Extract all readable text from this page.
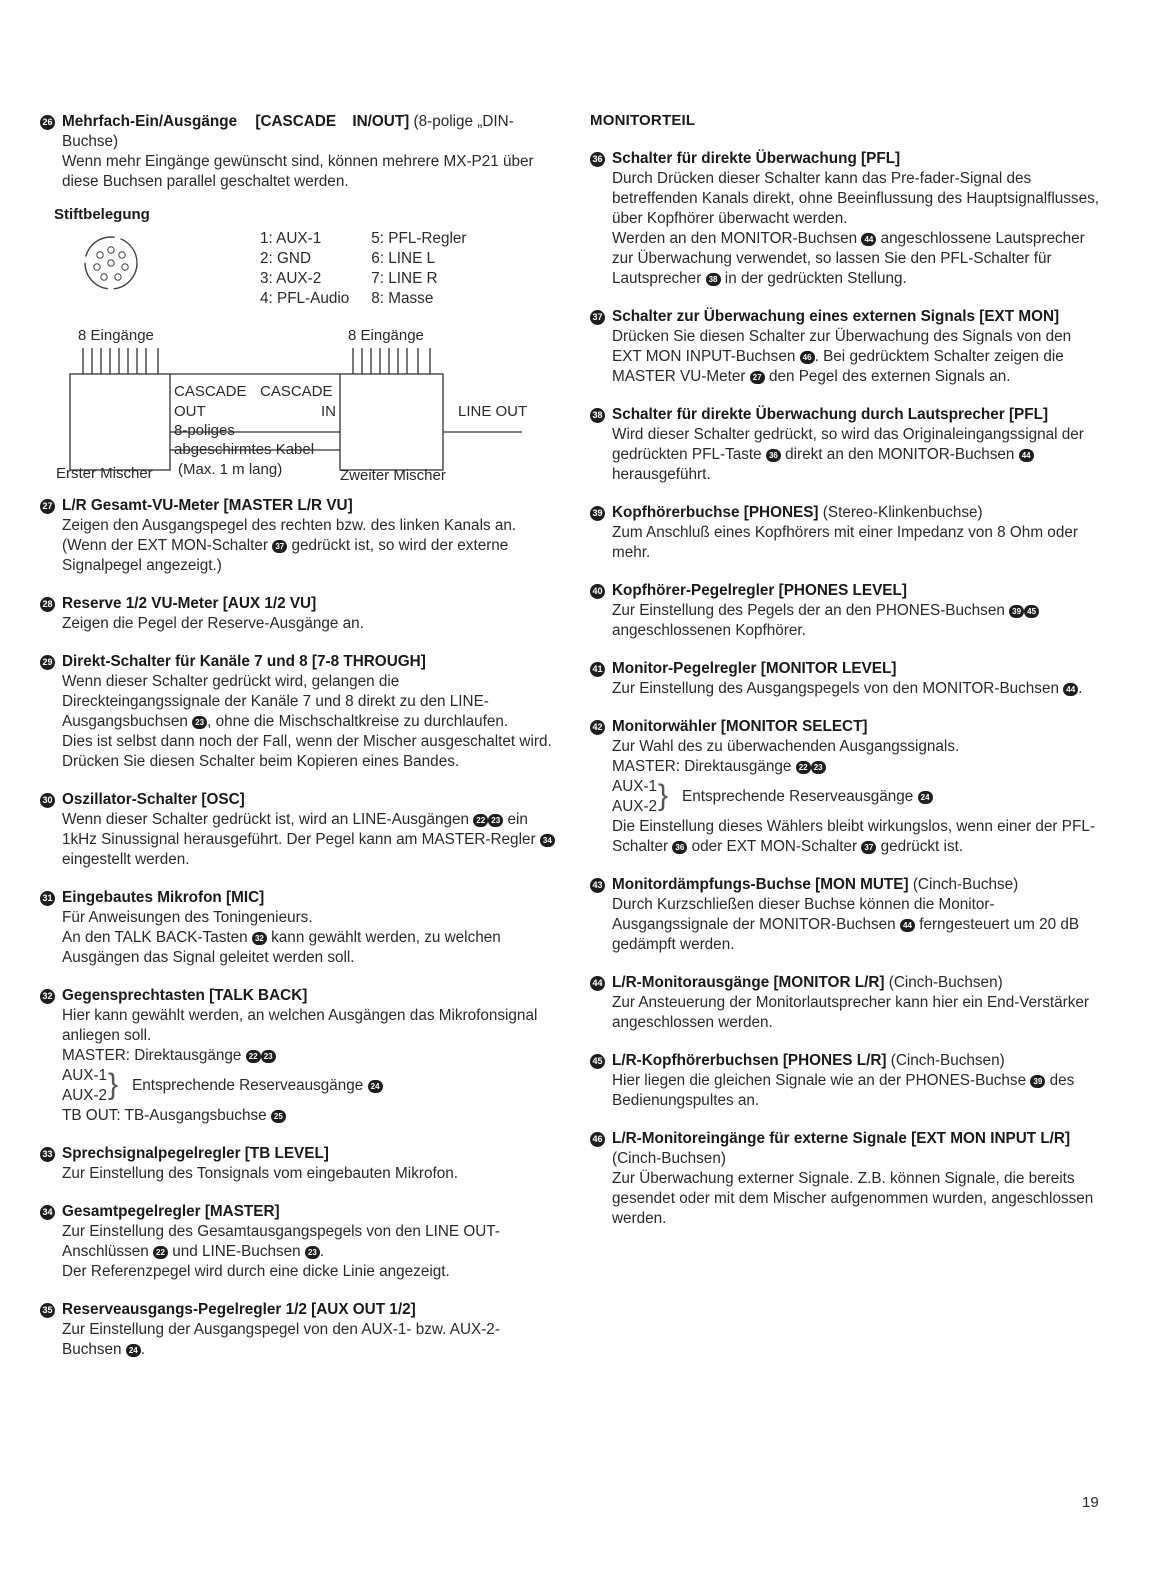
26 Mehrfach-Ein/Ausgänge [CASCADE IN/OUT] (8-polige „DIN-Buchse)
Wenn mehr Eingänge gewünscht sind, können mehrere MX-P21 über diese Buchsen parallel geschaltet werden.
Stiftbelegung
1: AUX-1	5: PFL-Regler
2: GND	6: LINE L
3: AUX-2	7: LINE R
4: PFL-Audio	8: Masse
8 Eingänge	8 Eingänge
CASCADE
OUT
CASCADE
IN
8-poliges
abgeschirmtes Kabel
(Max. 1 m lang)
LINE OUT
Erster Mischer	Zweiter Mischer
27 L/R Gesamt-VU-Meter [MASTER L/R VU]
Zeigen den Ausgangspegel des rechten bzw. des linken Kanals an. (Wenn der EXT MON-Schalter 37 gedrückt ist, so wird der externe Signalpegel angezeigt.)
28 Reserve 1/2 VU-Meter [AUX 1/2 VU]
Zeigen die Pegel der Reserve-Ausgänge an.
29 Direkt-Schalter für Kanäle 7 und 8 [7-8 THROUGH]
Wenn dieser Schalter gedrückt wird, gelangen die Direckteingangssignale der Kanäle 7 und 8 direkt zu den LINE-Ausgangsbuchsen 23 , ohne die Mischschaltkreise zu durchlaufen.
Dies ist selbst dann noch der Fall, wenn der Mischer ausgeschaltet wird. Drücken Sie diesen Schalter beim Kopieren eines Bandes.
30 Oszillator-Schalter [OSC]
Wenn dieser Schalter gedrückt ist, wird an LINE-Ausgängen 22 23 ein 1kHz Sinussignal herausgeführt. Der Pegel kann am MASTER-Regler 34 eingestellt werden.
31 Eingebautes Mikrofon [MIC]
Für Anweisungen des Toningenieurs.
An den TALK BACK-Tasten 32 kann gewählt werden, zu welchen Ausgängen das Signal geleitet werden soll.
32 Gegensprechtasten [TALK BACK]
Hier kann gewählt werden, an welchen Ausgängen das Mikrofonsignal anliegen soll.
MASTER: Direktausgänge 22 23
AUX-1
AUX-2 } Entsprechende Reserveausgänge 24
TB OUT: TB-Ausgangsbuchse 25
33 Sprechsignalpegelregler [TB LEVEL]
Zur Einstellung des Tonsignals vom eingebauten Mikrofon.
34 Gesamtpegelregler [MASTER]
Zur Einstellung des Gesamtausgangspegels von den LINE OUT-Anschlüssen 22 und LINE-Buchsen 23 .
Der Referenzpegel wird durch eine dicke Linie angezeigt.
35 Reserveausgangs-Pegelregler 1/2 [AUX OUT 1/2]
Zur Einstellung der Ausgangspegel von den AUX-1- bzw. AUX-2-Buchsen 24 .
MONITORTEIL
36 Schalter für direkte Überwachung [PFL]
Durch Drücken dieser Schalter kann das Pre-fader-Signal des betreffenden Kanals direkt, ohne Beeinflussung des Hauptsignalflusses, über Kopfhörer überwacht werden.
Werden an den MONITOR-Buchsen 44 angeschlossene Lautsprecher zur Überwachung verwendet, so lassen Sie den PFL-Schalter für Lautsprecher 38 in der gedrückten Stellung.
37 Schalter zur Überwachung eines externen Signals [EXT MON]
Drücken Sie diesen Schalter zur Überwachung des Signals von den EXT MON INPUT-Buchsen 46 . Bei gedrücktem Schalter zeigen die MASTER VU-Meter 27 den Pegel des externen Signals an.
38 Schalter für direkte Überwachung durch Lautsprecher [PFL]
Wird dieser Schalter gedrückt, so wird das Originaleingangssignal der gedrückten PFL-Taste 36 direkt an den MONITOR-Buchsen 44 herausgeführt.
39 Kopfhörerbuchse [PHONES] (Stereo-Klinkenbuchse)
Zum Anschluß eines Kopfhörers mit einer Impedanz von 8 Ohm oder mehr.
40 Kopfhörer-Pegelregler [PHONES LEVEL]
Zur Einstellung des Pegels der an den PHONES-Buchsen 39 45 angeschlossenen Kopfhörer.
41 Monitor-Pegelregler [MONITOR LEVEL]
Zur Einstellung des Ausgangspegels von den MONITOR-Buchsen 44 .
42 Monitorwähler [MONITOR SELECT]
Zur Wahl des zu überwachenden Ausgangssignals.
MASTER: Direktausgänge 22 23
AUX-1
AUX-2 } Entsprechende Reserveausgänge 24
Die Einstellung dieses Wählers bleibt wirkungslos, wenn einer der PFL-Schalter 36 oder EXT MON-Schalter 37 gedrückt ist.
43 Monitordämpfungs-Buchse [MON MUTE] (Cinch-Buchse)
Durch Kurzschließen dieser Buchse können die Monitor-Ausgangssignale der MONITOR-Buchsen 44 ferngesteuert um 20 dB gedämpft werden.
44 L/R-Monitorausgänge [MONITOR L/R] (Cinch-Buchsen)
Zur Ansteuerung der Monitorlautsprecher kann hier ein End-Verstärker angeschlossen werden.
45 L/R-Kopfhörerbuchsen [PHONES L/R] (Cinch-Buchsen)
Hier liegen die gleichen Signale wie an der PHONES-Buchse 39 des Bedienungspultes an.
46 L/R-Monitoreingänge für externe Signale [EXT MON INPUT L/R]
(Cinch-Buchsen)
Zur Überwachung externer Signale. Z.B. können Signale, die bereits gesendet oder mit dem Mischer aufgenommen wurden, angeschlossen werden.
19
